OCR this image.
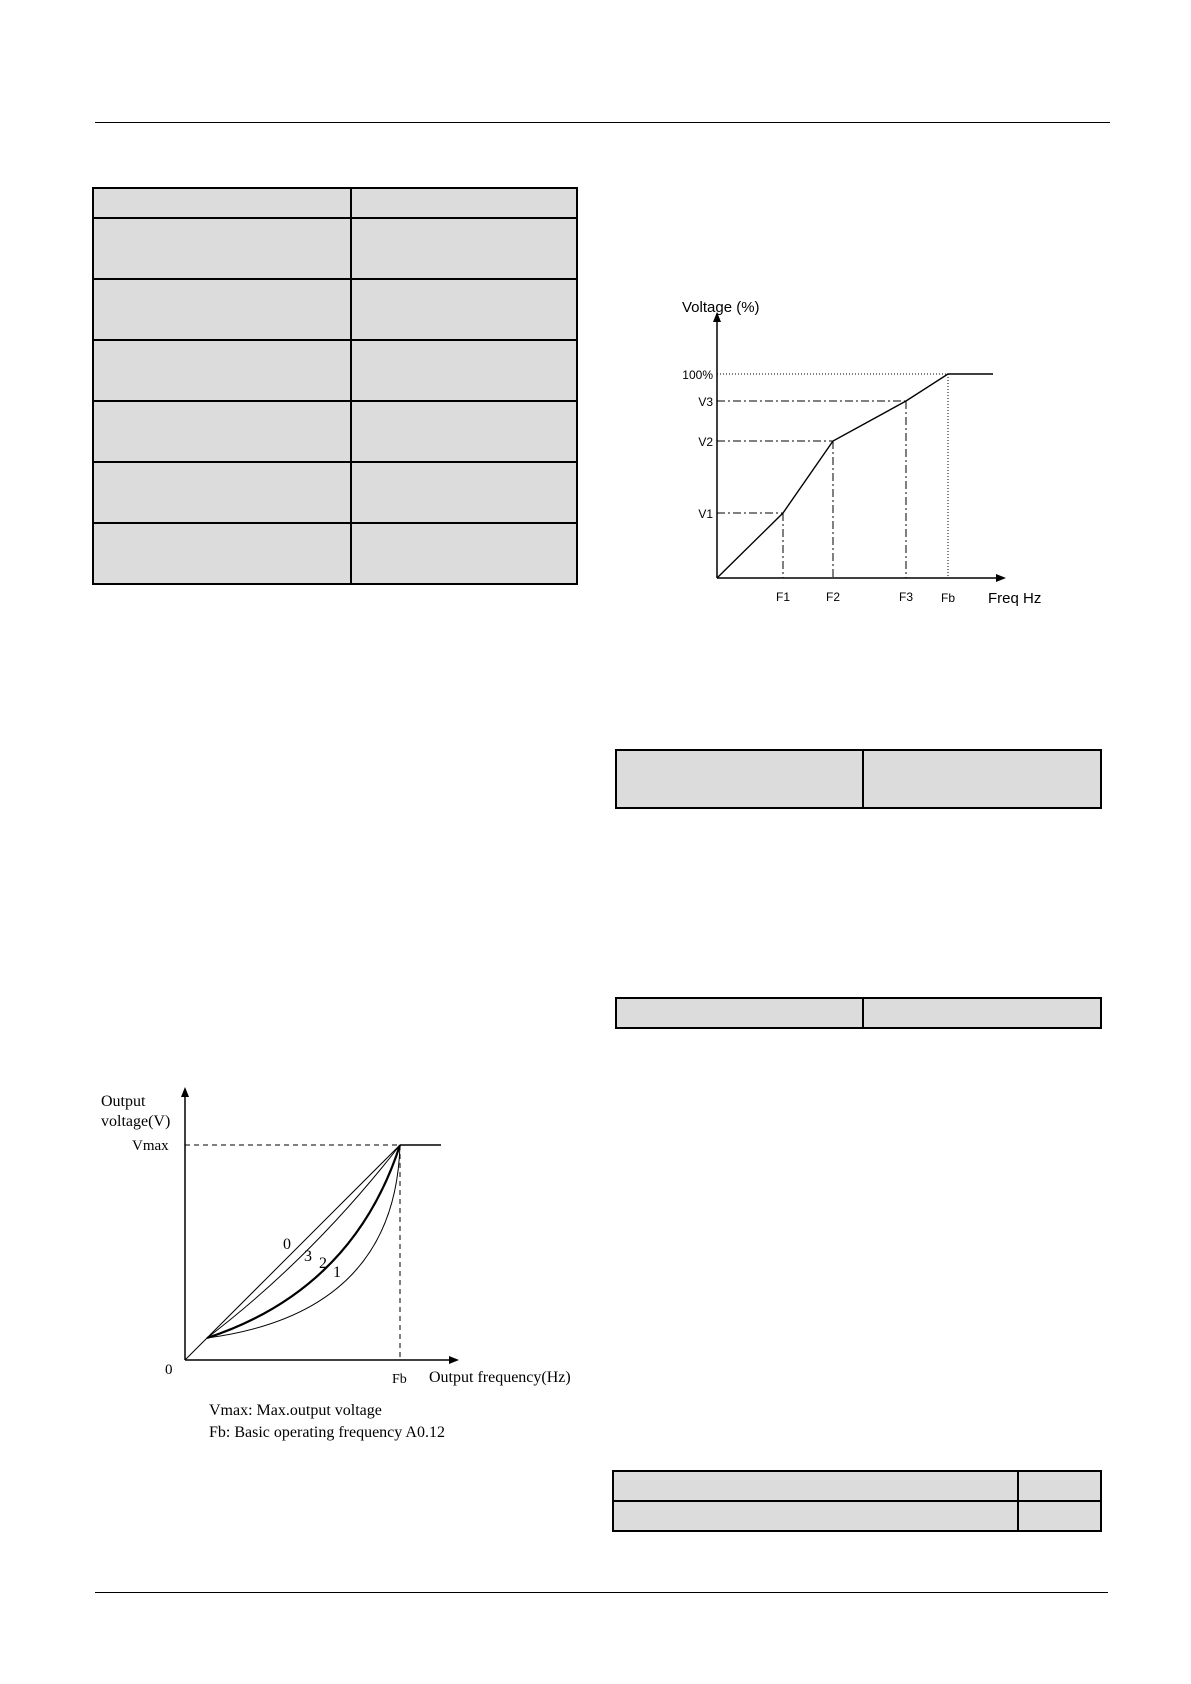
Voltage (%)
100%
V3
V2
V1
F1	F2	F3 Fb Freq Hz
Output
voltage(V)
Vmax
0
Fb Output frequency(Hz)
0
3 2
1
Vmax: Max.output voltage
Fb: Basic operating frequency A0.12
